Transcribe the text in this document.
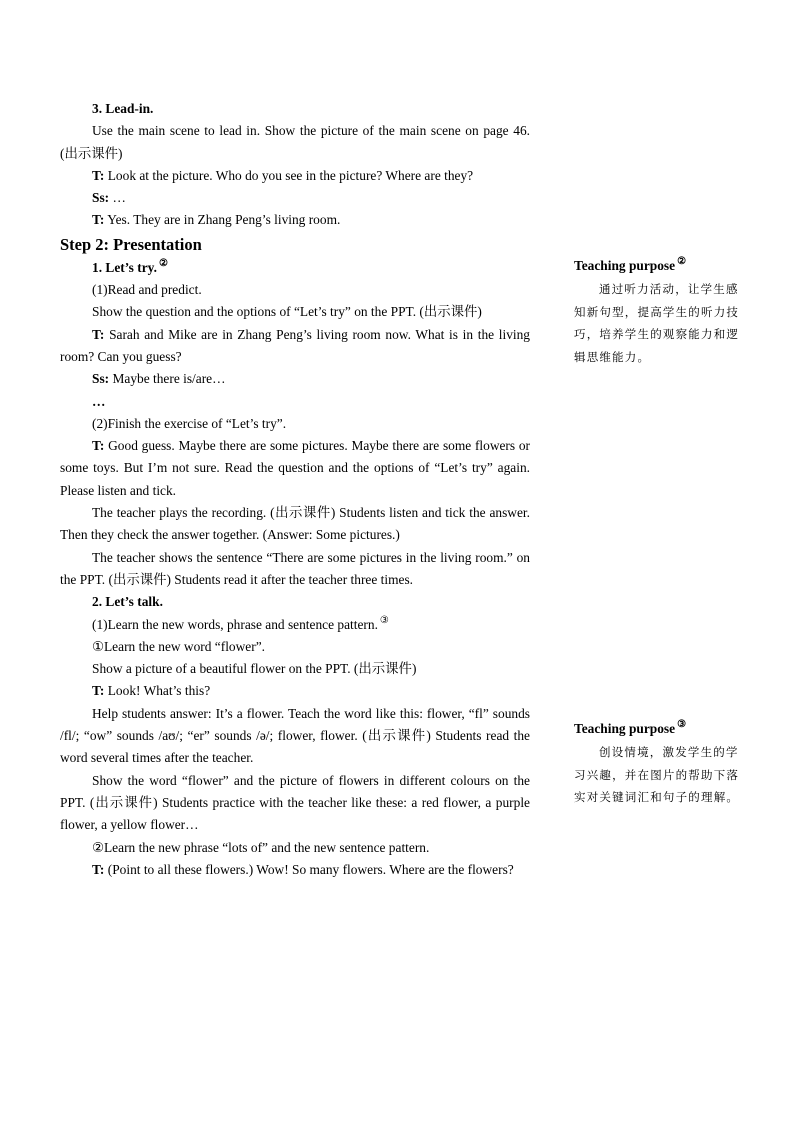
3. Lead-in.

Use the main scene to lead in. Show the picture of the main scene on page 46. (出示课件)

T: Look at the picture. Who do you see in the picture? Where are they?

Ss: …

T: Yes. They are in Zhang Peng’s living room.

Step 2: Presentation

1. Let’s try. ②

(1)Read and predict.

Show the question and the options of “Let’s try” on the PPT. (出示课件)

T: Sarah and Mike are in Zhang Peng’s living room now. What is in the living room? Can you guess?

Ss: Maybe there is/are…

…

(2)Finish the exercise of “Let’s try”.

T: Good guess. Maybe there are some pictures. Maybe there are some flowers or some toys. But I’m not sure. Read the question and the options of “Let’s try” again. Please listen and tick.

The teacher plays the recording. (出示课件) Students listen and tick the answer. Then they check the answer together. (Answer: Some pictures.)

The teacher shows the sentence “There are some pictures in the living room.” on the PPT. (出示课件) Students read it after the teacher three times.

2. Let’s talk.

(1)Learn the new words, phrase and sentence pattern. ③

①Learn the new word “flower”.

Show a picture of a beautiful flower on the PPT. (出示课件)

T: Look! What’s this?

Help students answer: It’s a flower. Teach the word like this: flower, “fl” sounds /fl/; “ow” sounds /aʊ/; “er” sounds /ə/; flower, flower. (出示课件) Students read the word several times after the teacher.

Show the word “flower” and the picture of flowers in different colours on the PPT. (出示课件) Students practice with the teacher like these: a red flower, a purple flower, a yellow flower…

②Learn the new phrase “lots of” and the new sentence pattern.

T: (Point to all these flowers.) Wow! So many flowers. Where are the flowers?

Teaching purpose ②

通过听力活动，让学生感知新句型，提高学生的听力技巧，培养学生的观察能力和逻辑思维能力。

Teaching purpose ③

创设情境，激发学生的学习兴趣，并在图片的帮助下落实对关键词汇和句子的理解。
